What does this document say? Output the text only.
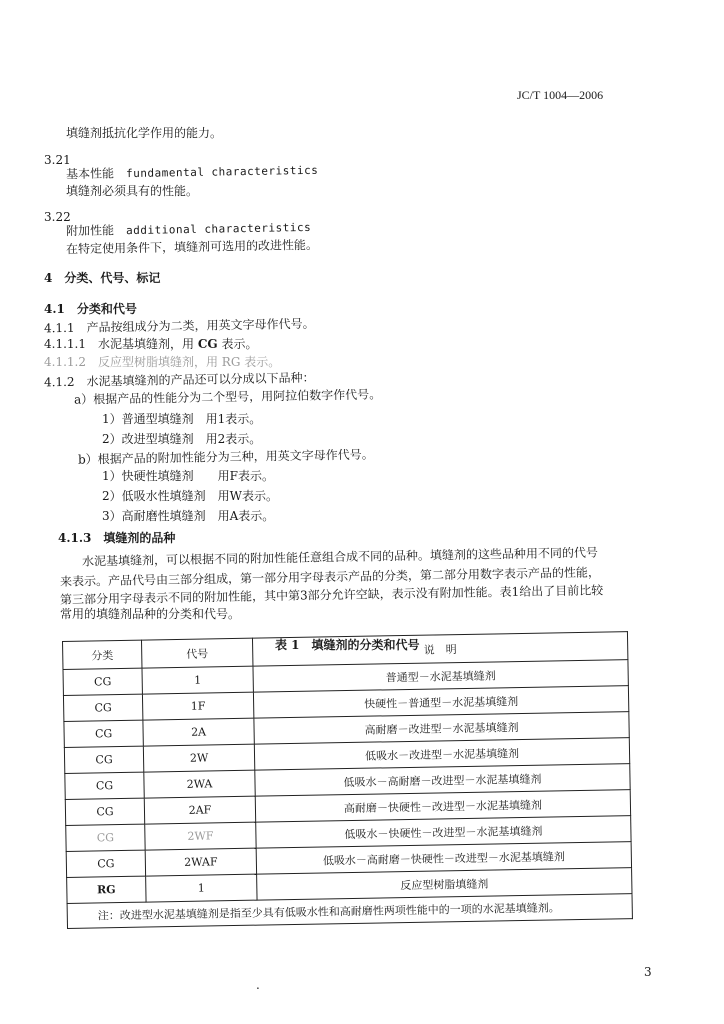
JC/T 1004—2006
填缝剂抵抗化学作用的能力。
3.21
基本性能　 fundamental characteristics
填缝剂必须具有的性能。
3.22
附加性能　 additional characteristics
在特定使用条件下，填缝剂可选用的改进性能。
4　分类、代号、标记
4.1　分类和代号
4.1.1　产品按组成分为二类，用英文字母作代号。
4.1.1.1　水泥基填缝剂，用 CG 表示。
4.1.1.2　反应型树脂填缝剂，用 RG 表示。
4.1.2　水泥基填缝剂的产品还可以分成以下品种：
a）根据产品的性能分为二个型号，用阿拉伯数字作代号。
1）普通型填缝剂　用1表示。
2）改进型填缝剂　用2表示。
b）根据产品的附加性能分为三种，用英文字母作代号。
1）快硬性填缝剂　　用F表示。
2）低吸水性填缝剂　用W表示。
3）高耐磨性填缝剂　用A表示。
4.1.3　填缝剂的品种
水泥基填缝剂，可以根据不同的附加性能任意组合成不同的品种。填缝剂的这些品种用不同的代号
来表示。产品代号由三部分组成，第一部分用字母表示产品的分类，第二部分用数字表示产品的性能，
第三部分用字母表示不同的附加性能，其中第3部分允许空缺，表示没有附加性能。表1给出了目前比较
常用的填缝剂品种的分类和代号。
表 1　填缝剂的分类和代号
分类	代号	说　明
CG	1	普通型－水泥基填缝剂
CG	1F	快硬性－普通型－水泥基填缝剂
CG	2A	高耐磨－改进型－水泥基填缝剂
CG	2W	低吸水－改进型－水泥基填缝剂
CG	2WA	低吸水－高耐磨－改进型－水泥基填缝剂
CG	2AF	高耐磨－快硬性－改进型－水泥基填缝剂
CG	2WF	低吸水－快硬性－改进型－水泥基填缝剂
CG	2WAF	低吸水－高耐磨－快硬性－改进型－水泥基填缝剂
RG	1	反应型树脂填缝剂
注：改进型水泥基填缝剂是指至少具有低吸水性和高耐磨性两项性能中的一项的水泥基填缝剂。		
.
3
